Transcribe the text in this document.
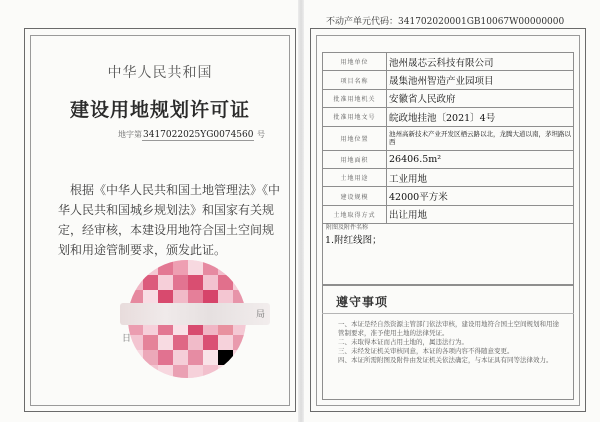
中华人民共和国
建设用地规划许可证
地字第3417022025YG0074560 号
根据《中华人民共和国土地管理法》《中华人民共和国城乡规划法》和国家有关规定，经审核，本建设用地符合国土空间规划和用途管制要求，颁发此证。
局
日
不动产单元代码：341702020001GB10067W00000000
用地单位	池州晟芯云科技有限公司
项目名称	晟集池州智造产业园项目
批准用地机关	安徽省人民政府
批准用地文号	皖政地挂池〔2021〕4号
用地位置	池州高新技术产业开发区栖云路以北，龙腾大道以南，茅坦路以西
用地面积	26406.5m²
土地用途	工业用地
建设规模	42000平方米
土地取得方式	出让用地
1.附红线图；	
附图及附件名称
遵守事项
一、本证是经自然资源主管部门依法审核，建设用地符合国土空间规划和用途管制要求，准予使用土地的法律凭证。
二、未取得本证而占用土地的，属违法行为。
三、未经发证机关审核同意，本证的各项内容不得随意变更。
四、本证所需附图及附件由发证机关依法确定，与本证具有同等法律效力。
